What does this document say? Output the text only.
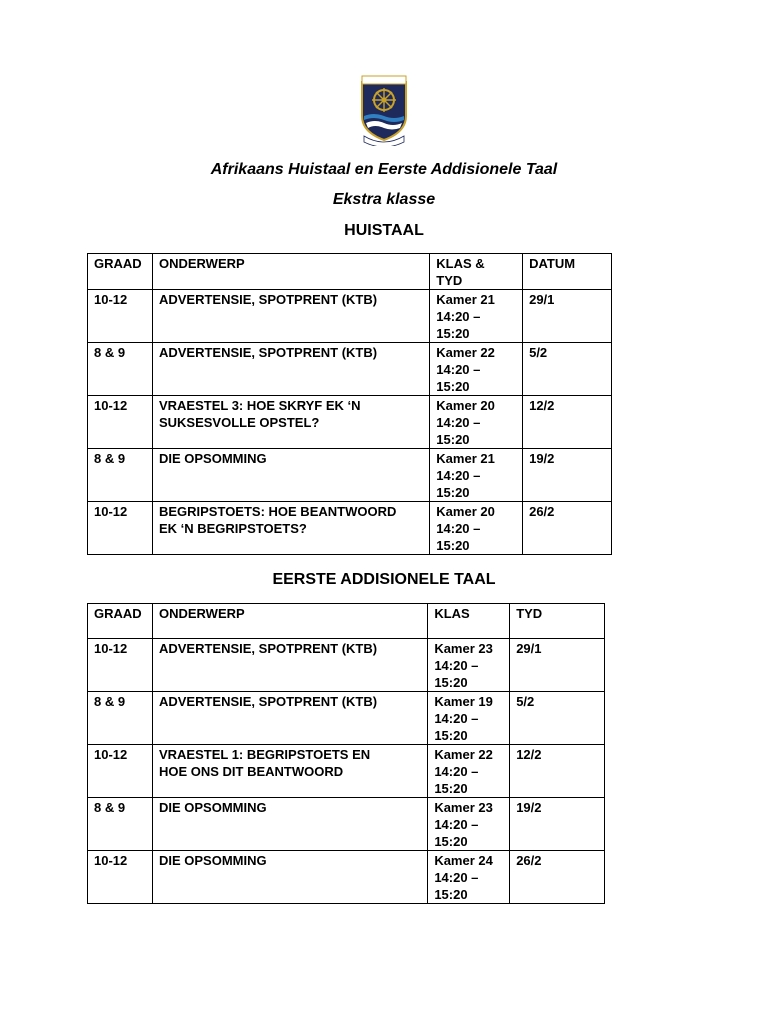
Afrikaans Huistaal en Eerste Addisionele Taal
Ekstra klasse
HUISTAAL
GRAAD	ONDERWERP	KLAS &
TYD	DATUM
10-12	ADVERTENSIE, SPOTPRENT (KTB)	Kamer 21
14:20 –
15:20	29/1
8 & 9	ADVERTENSIE, SPOTPRENT (KTB)	Kamer 22
14:20 –
15:20	5/2
10-12	VRAESTEL 3: HOE SKRYF EK ‘N
SUKSESVOLLE OPSTEL?	Kamer 20
14:20 –
15:20	12/2
8 & 9	DIE OPSOMMING	Kamer 21
14:20 –
15:20	19/2
10-12	BEGRIPSTOETS: HOE BEANTWOORD
EK ‘N BEGRIPSTOETS?	Kamer 20
14:20 –
15:20	26/2
EERSTE ADDISIONELE TAAL
GRAAD	ONDERWERP	KLAS	TYD
10-12	ADVERTENSIE, SPOTPRENT (KTB)	Kamer 23
14:20 –
15:20	29/1
8 & 9	ADVERTENSIE, SPOTPRENT (KTB)	Kamer 19
14:20 –
15:20	5/2
10-12	VRAESTEL 1: BEGRIPSTOETS EN
HOE ONS DIT BEANTWOORD	Kamer 22
14:20 –
15:20	12/2
8 & 9	DIE OPSOMMING	Kamer 23
14:20 –
15:20	19/2
10-12	DIE OPSOMMING	Kamer 24
14:20 –
15:20	26/2
